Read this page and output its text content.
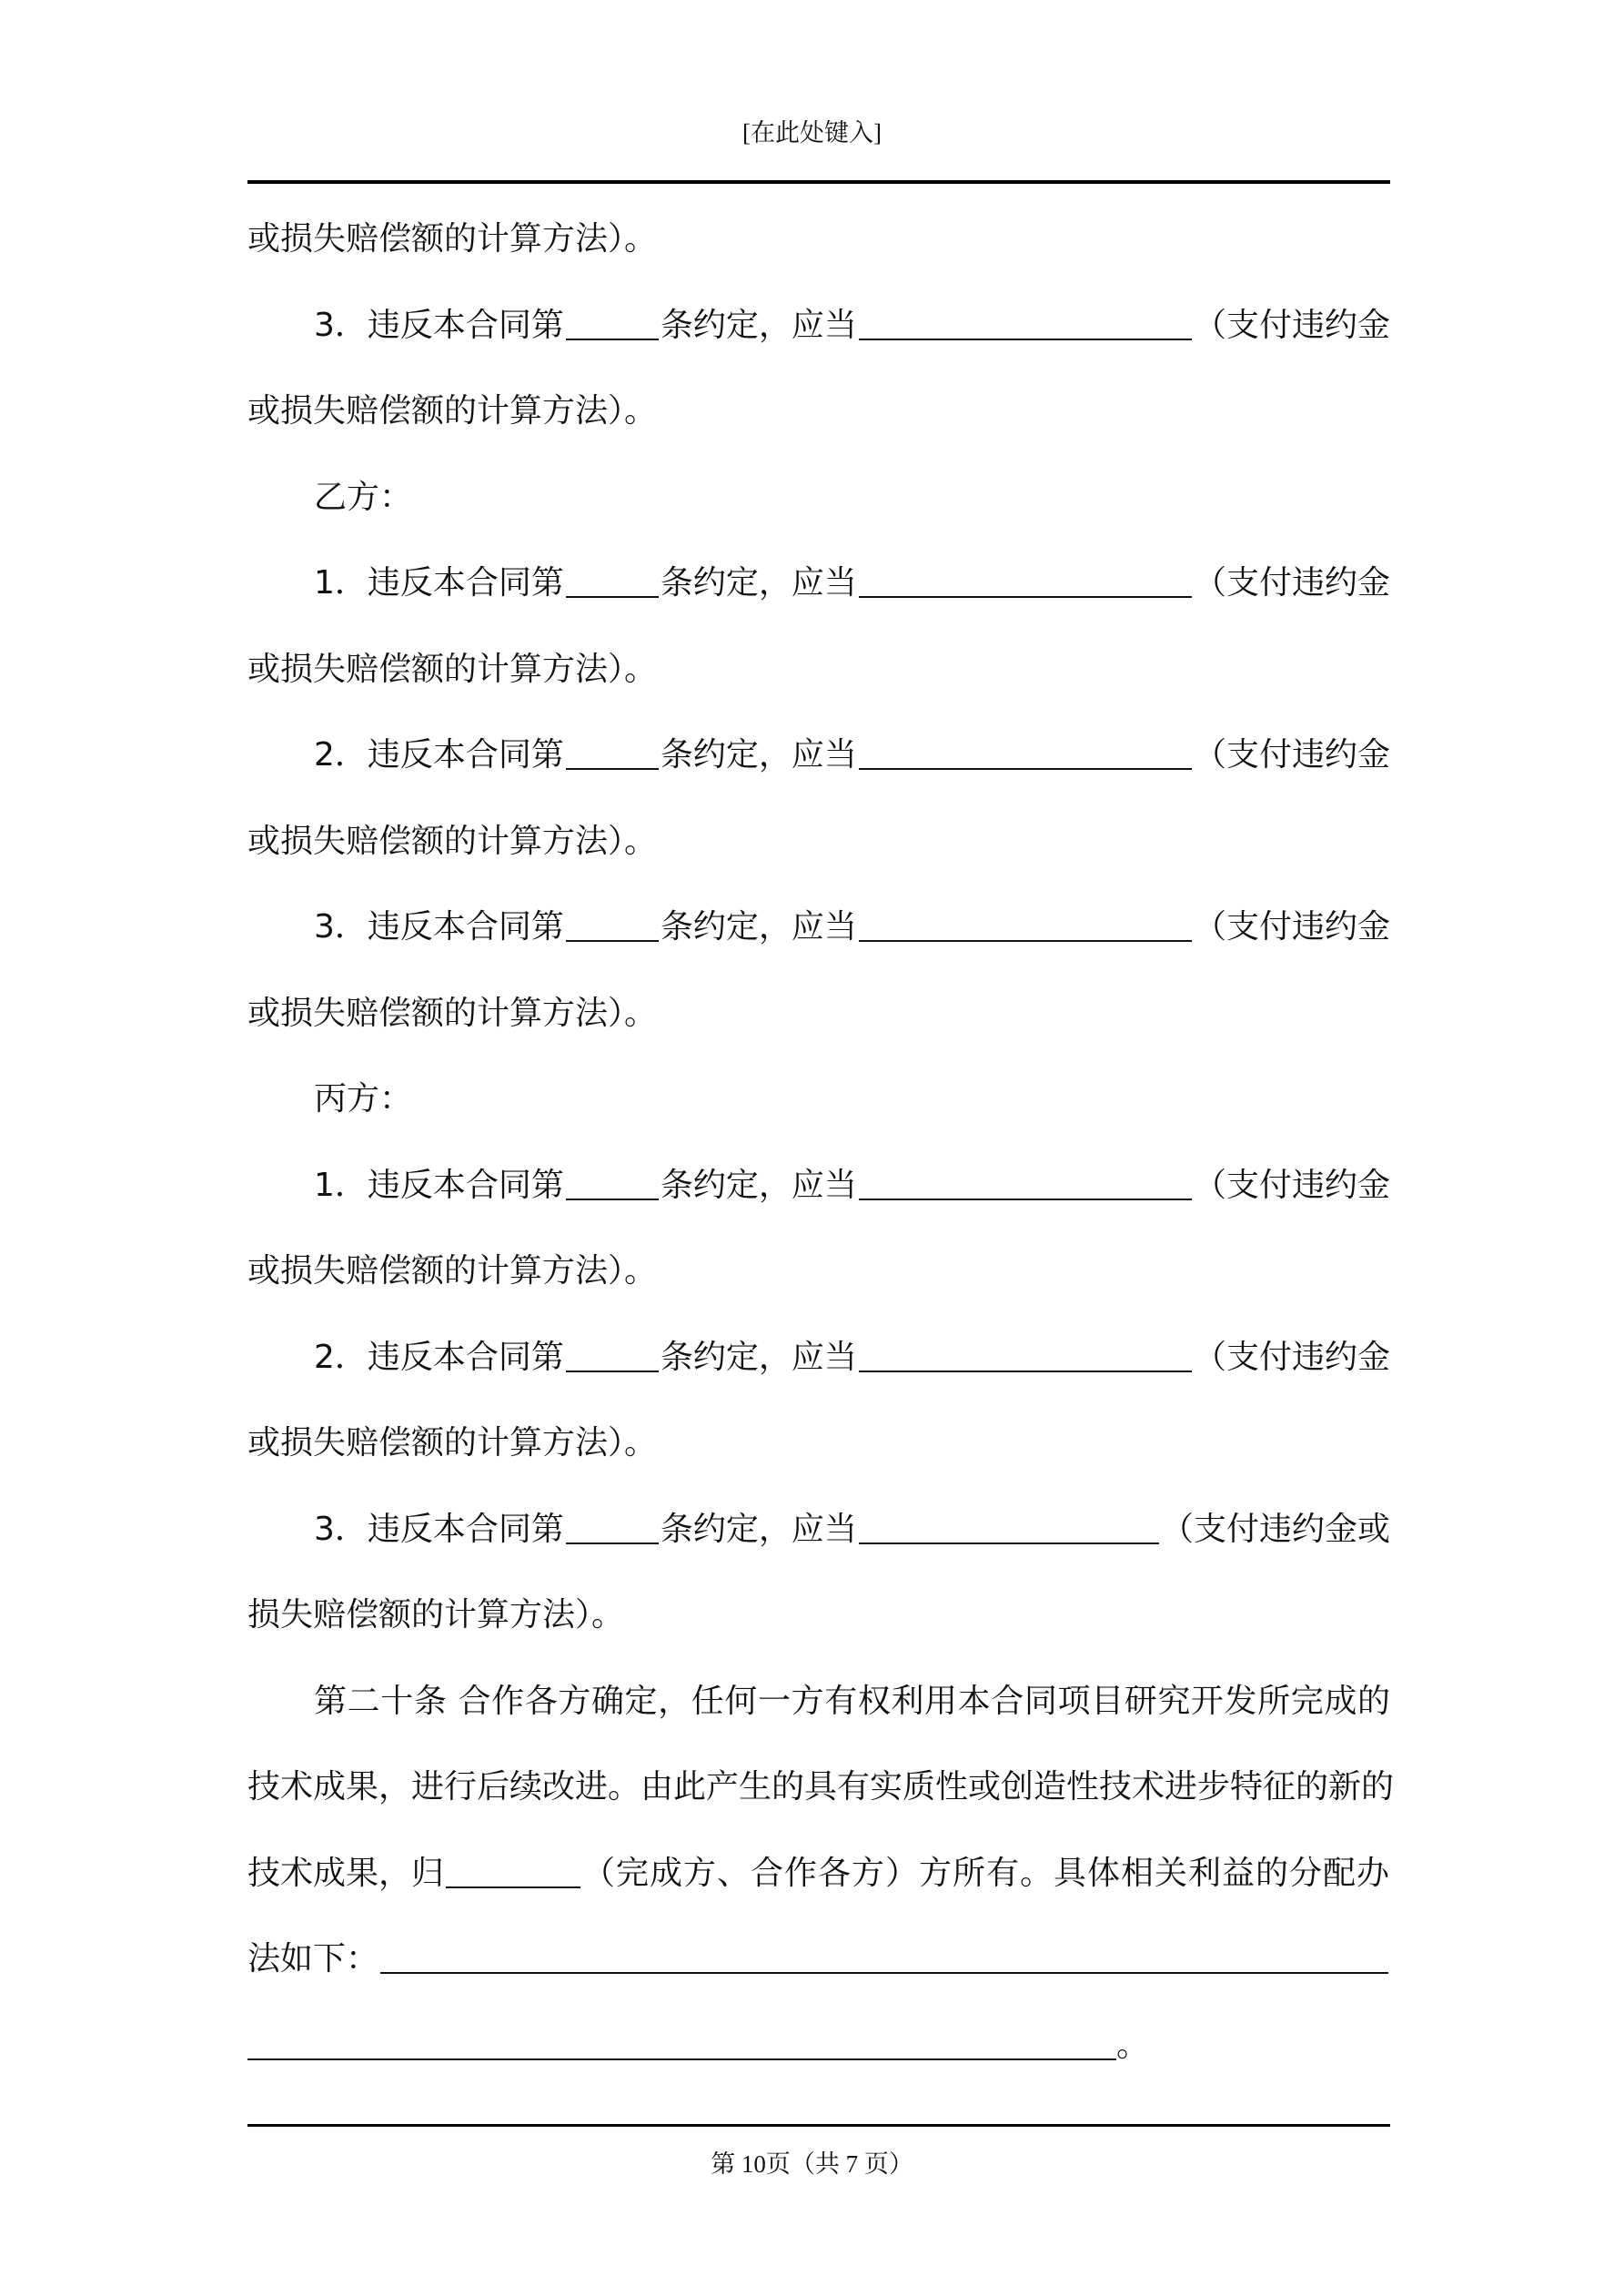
[在此处键入]
或损失赔偿额的计算方法）。
3．违反本合同第	条约定，应当	（支付违约金
或损失赔偿额的计算方法）。
乙方：
1．违反本合同第	条约定，应当	（支付违约金
或损失赔偿额的计算方法）。
2．违反本合同第	条约定，应当	（支付违约金
或损失赔偿额的计算方法）。
3．违反本合同第	条约定，应当	（支付违约金
或损失赔偿额的计算方法）。
丙方：
1．违反本合同第	条约定，应当	（支付违约金
或损失赔偿额的计算方法）。
2．违反本合同第	条约定，应当	（支付违约金
或损失赔偿额的计算方法）。
3．违反本合同第	条约定，应当	（支付违约金或
损失赔偿额的计算方法）。
第二十条 合作各方确定，任何一方有权利用本合同项目研究开发所完成的
技术成果，进行后续改进。由此产生的具有实质性或创造性技术进步特征的新的
技术成果，归	（完成方、合作各方）方所有。具体相关利益的分配办
法如下：
。
第 10页（共 7 页）
